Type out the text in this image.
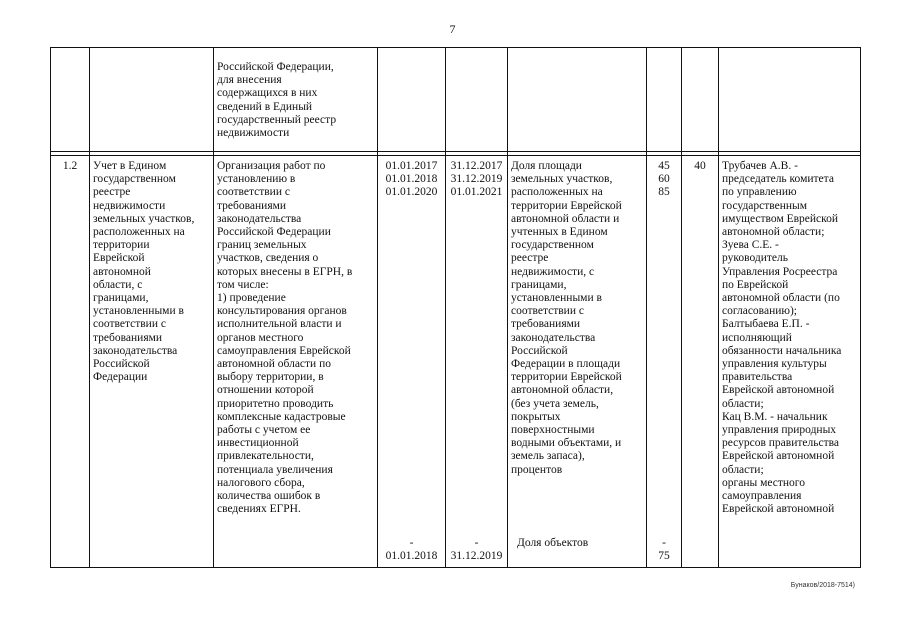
7
Российской Федерации,
для внесения
содержащихся в них
сведений в Единый
государственный реестр
недвижимости
1.2	Учет в Едином
государственном
реестре
недвижимости
земельных участков,
расположенных на
территории
Еврейской
автономной
области, с
границами,
установленными в
соответствии с
требованиями
законодательства
Российской
Федерации
Организация работ по
установлению в
соответствии с
требованиями
законодательства
Российской Федерации
границ земельных
участков, сведения о
которых внесены в ЕГРН, в
том числе:
1) проведение
консультирования органов
исполнительной власти и
органов местного
самоуправления Еврейской
автономной области по
выбору территории, в
отношении которой
приоритетно проводить
комплексные кадастровые
работы с учетом ее
инвестиционной
привлекательности,
потенциала увеличения
налогового сбора,
количества ошибок в
сведениях ЕГРН.
01.01.2017
01.01.2018
01.01.2020
-
01.01.2018
31.12.2017
31.12.2019
01.01.2021
-
31.12.2019
Доля площади
земельных участков,
расположенных на
территории Еврейской
автономной области и
учтенных в Едином
государственном
реестре
недвижимости, с
границами,
установленными в
соответствии с
требованиями
законодательства
Российской
Федерации в площади
территории Еврейской
автономной области,
(без учета земель,
покрытых
поверхностными
водными объектами, и
земель запаса),
процентов
Доля объектов
45
60
85
-
75
40	Трубачев А.В. -
председатель комитета
по управлению
государственным
имуществом Еврейской
автономной области;
Зуева С.Е. -
руководитель
Управления Росреестра
по Еврейской
автономной области (по
согласованию);
Балтыбаева Е.П. -
исполняющий
обязанности начальника
управления культуры
правительства
Еврейской автономной
области;
Кац В.М. - начальник
управления природных
ресурсов правительства
Еврейской автономной
области;
органы местного
самоуправления
Еврейской автономной
Бунаков/2018-7514)
